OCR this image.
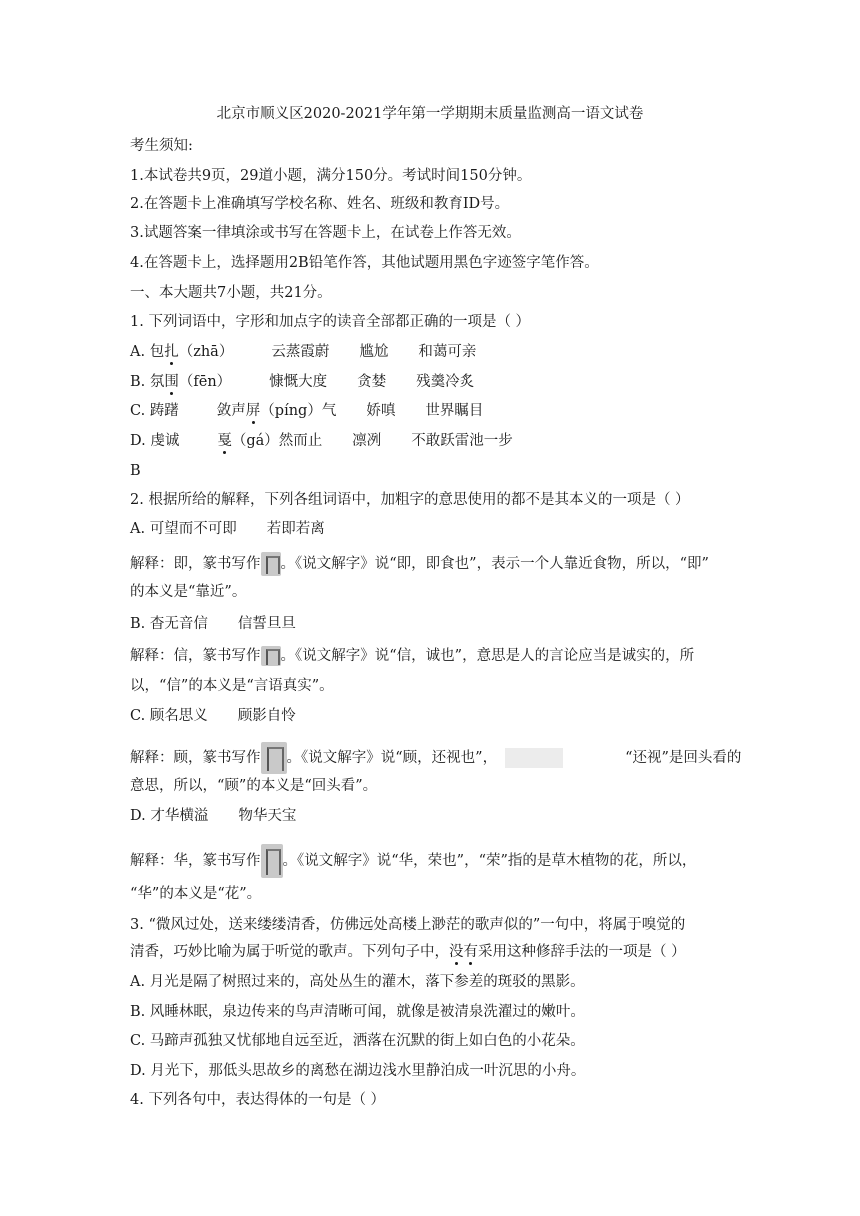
北京市顺义区2020-2021学年第一学期期末质量监测高一语文试卷
考生须知:
1.本试卷共9页，29道小题，满分150分。考试时间150分钟。
2.在答题卡上准确填写学校名称、姓名、班级和教育ID号。
3.试题答案一律填涂或书写在答题卡上，在试卷上作答无效。
4.在答题卡上，选择题用2B铅笔作答，其他试题用黑色字迹签字笔作答。
一、本大题共7小题，共21分。
1. 下列词语中，字形和加点字的读音全部都正确的一项是（ ）
A. 包扎（zhā）	云蒸霞蔚 尴尬 和蔼可亲
B. 氛围（fēn）	慷慨大度 贪婪 残羹冷炙
C. 踌躇	敛声屏（píng）气 娇嗔 世界瞩目
D. 虔诚	戛（gá）然而止 凛冽 不敢跃雷池一步
B
2. 根据所给的解释，下列各组词语中，加粗字的意思使用的都不是其本义的一项是（ ）
A. 可望而不可即 若即若离
解释：即，篆书写作 。《说文解字》说“即，即食也”，表示一个人靠近食物，所以，“即”
的本义是“靠近”。
B. 杳无音信 信誓旦旦
解释：信，篆书写作 。《说文解字》说“信，诚也”，意思是人的言论应当是诚实的，所
以，“信”的本义是“言语真实”。
C. 顾名思义 顾影自怜
解释：顾，篆书写作 。《说文解字》说“顾，还视也”，	“还视”是回头看的
意思，所以，“顾”的本义是“回头看”。
D. 才华横溢 物华天宝
解释：华，篆书写作 。《说文解字》说“华，荣也”，“荣”指的是草木植物的花，所以，
“华”的本义是“花”。
3. “微风过处，送来缕缕清香，仿佛远处高楼上渺茫的歌声似的”一句中，将属于嗅觉的
清香，巧妙比喻为属于听觉的歌声。下列句子中，没有采用这种修辞手法的一项是（ ）
A. 月光是隔了树照过来的，高处丛生的灌木，落下参差的斑驳的黑影。
B. 风睡林眠，泉边传来的鸟声清晰可闻，就像是被清泉洗濯过的嫩叶。
C. 马蹄声孤独又忧郁地自远至近，洒落在沉默的街上如白色的小花朵。
D. 月光下，那低头思故乡的离愁在湖边浅水里静泊成一叶沉思的小舟。
4. 下列各句中，表达得体的一句是（ ）
